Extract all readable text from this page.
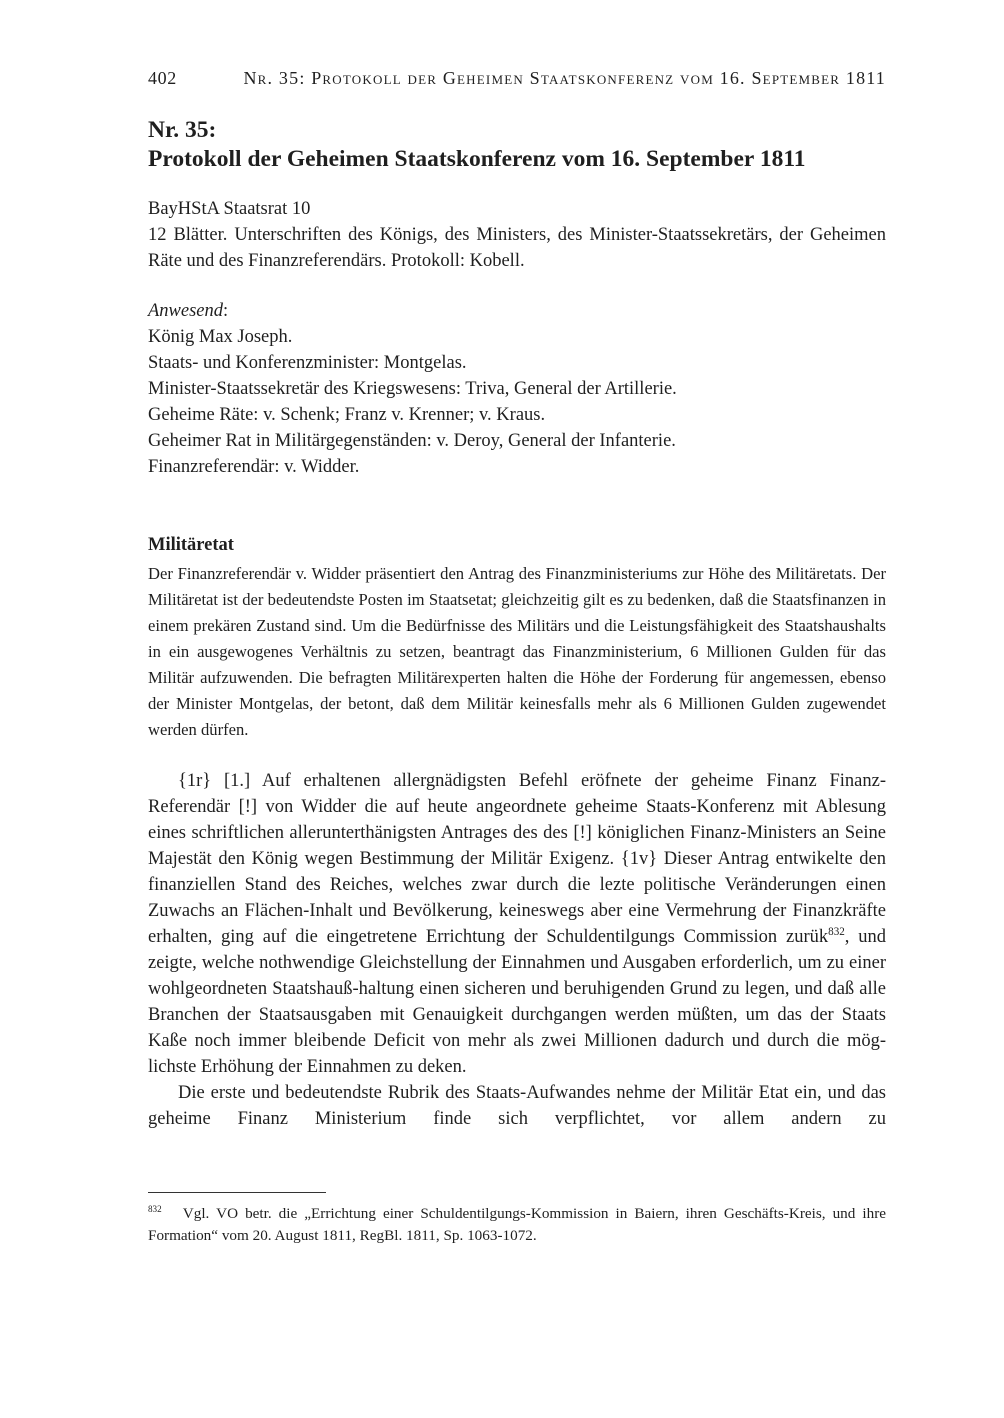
402	Nr. 35: Protokoll der Geheimen Staatskonferenz vom 16. September 1811
Nr. 35:
Protokoll der Geheimen Staatskonferenz vom 16. September 1811
BayHStA Staatsrat 10
12 Blätter. Unterschriften des Königs, des Ministers, des Minister-Staatssekretärs, der Geheimen Räte und des Finanzreferendärs. Protokoll: Kobell.
Anwesend:
König Max Joseph.
Staats- und Konferenzminister: Montgelas.
Minister-Staatssekretär des Kriegswesens: Triva, General der Artillerie.
Geheime Räte: v. Schenk; Franz v. Krenner; v. Kraus.
Geheimer Rat in Militärgegenständen: v. Deroy, General der Infanterie.
Finanzreferendär: v. Widder.
Militäretat
Der Finanzreferendär v. Widder präsentiert den Antrag des Finanzministeriums zur Höhe des Militäretats. Der Militäretat ist der bedeutendste Posten im Staatsetat; gleichzeitig gilt es zu bedenken, daß die Staatsfinanzen in einem prekären Zustand sind. Um die Bedürfnisse des Militärs und die Leistungsfähigkeit des Staatshaushalts in ein ausgewogenes Verhältnis zu setzen, beantragt das Finanzministerium, 6 Millionen Gulden für das Militär aufzuwenden. Die befragten Militärexperten halten die Höhe der Forderung für angemessen, ebenso der Minister Montgelas, der betont, daß dem Militär keinesfalls mehr als 6 Millionen Gulden zugewendet werden dürfen.

{1r} [1.] Auf erhaltenen allergnädigsten Befehl eröfnete der geheime Finanz Finanz-Referendär [!] von Widder die auf heute angeordnete geheime Staats-Konferenz mit Ablesung eines schriftlichen allerunterthänigsten Antrages des des [!] königlichen Finanz-Ministers an Seine Majestät den König wegen Bestimmung der Militär Exigenz. {1v} Dieser Antrag entwikelte den finanziellen Stand des Reiches, welches zwar durch die lezte politische Veränderungen einen Zuwachs an Flächen-Inhalt und Bevölkerung, keineswegs aber eine Vermehrung der Finanzkräfte erhalten, ging auf die eingetretene Errichtung der Schuldentilgungs Commission zurük$^{832}$, und zeigte, welche nothwendige Gleichstellung der Einnahmen und Ausgaben erforderlich, um zu einer wohlgeordneten Staatshauß-haltung einen sicheren und beruhigenden Grund zu legen, und daß alle Branchen der Staatsausgaben mit Genauigkeit durchgangen werden müßten, um das der Staats Kaße noch immer bleibende Deficit von mehr als zwei Millionen dadurch und durch die mög-lichste Erhöhung der Einnahmen zu deken.

Die erste und bedeutendste Rubrik des Staats-Aufwandes nehme der Militär Etat ein, und das geheime Finanz Ministerium finde sich verpflichtet, vor allem andern zu

$^{832}$ Vgl. VO betr. die „Errichtung einer Schuldentilgungs-Kommission in Baiern, ihren Geschäfts-Kreis, und ihre Formation“ vom 20. August 1811, RegBl. 1811, Sp. 1063-1072.
